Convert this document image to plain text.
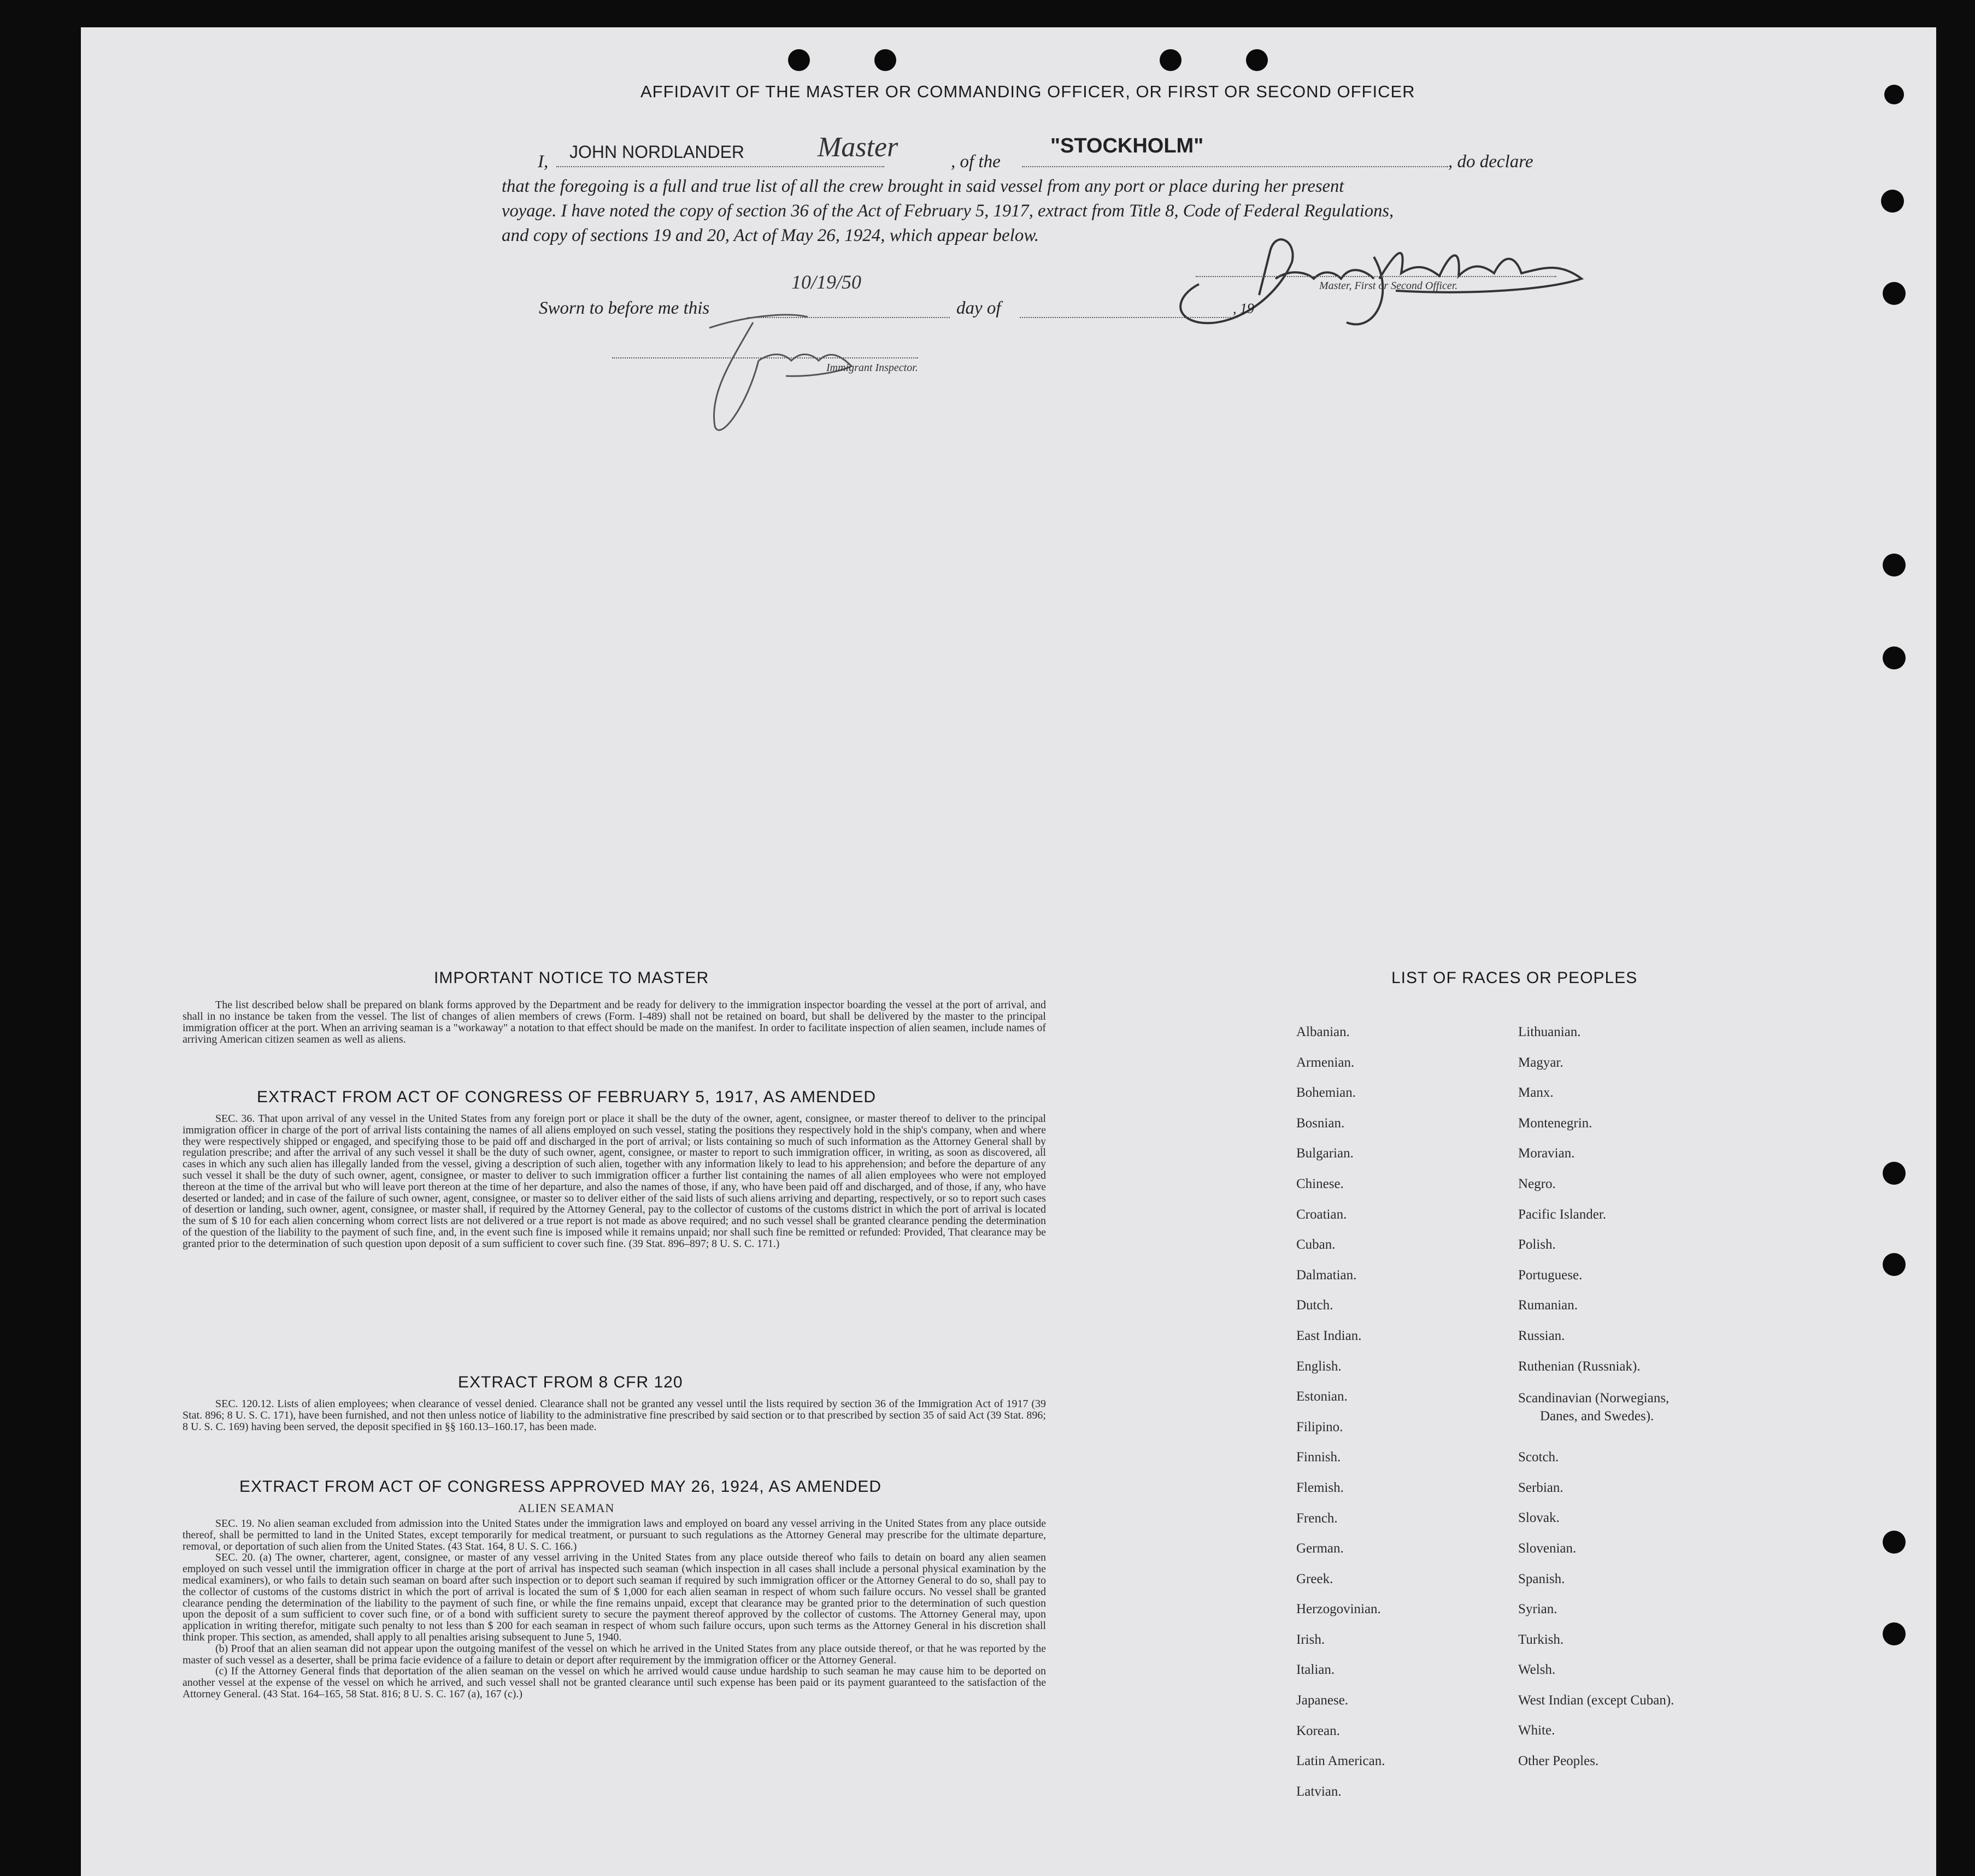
AFFIDAVIT OF THE MASTER OR COMMANDING OFFICER, OR FIRST OR SECOND OFFICER
I, JOHN NORDLANDER	Master	, of the
"STOCKHOLM"
, do declare
that the foregoing is a full and true list of all the crew brought in said vessel from any port or place during her present
voyage. I have noted the copy of section 36 of the Act of February 5, 1917, extract from Title 8, Code of Federal Regulations,
and copy of sections 19 and 20, Act of May 26, 1924, which appear below.
Master, First or Second Officer.
Sworn to before me this
10/19/50
day of	, 19
Immigrant Inspector.
IMPORTANT NOTICE TO MASTER
The list described below shall be prepared on blank forms approved by the Department and be ready for delivery to the immigration inspector boarding the vessel at the port of arrival, and shall in no instance be taken from the vessel. The list of changes of alien members of crews (Form. I-489) shall not be retained on board, but shall be delivered by the master to the principal immigration officer at the port. When an arriving seaman is a "workaway" a notation to that effect should be made on the manifest. In order to facilitate inspection of alien seamen, include names of arriving American citizen seamen as well as aliens.
EXTRACT FROM ACT OF CONGRESS OF FEBRUARY 5, 1917, AS AMENDED
SEC. 36. That upon arrival of any vessel in the United States from any foreign port or place it shall be the duty of the owner, agent, consignee, or master thereof to deliver to the principal immigration officer in charge of the port of arrival lists containing the names of all aliens employed on such vessel, stating the positions they respectively hold in the ship's company, when and where they were respectively shipped or engaged, and specifying those to be paid off and discharged in the port of arrival; or lists containing so much of such information as the Attorney General shall by regulation prescribe; and after the arrival of any such vessel it shall be the duty of such owner, agent, consignee, or master to report to such immigration officer, in writing, as soon as discovered, all cases in which any such alien has illegally landed from the vessel, giving a description of such alien, together with any information likely to lead to his apprehension; and before the departure of any such vessel it shall be the duty of such owner, agent, consignee, or master to deliver to such immigration officer a further list containing the names of all alien employees who were not employed thereon at the time of the arrival but who will leave port thereon at the time of her departure, and also the names of those, if any, who have been paid off and discharged, and of those, if any, who have deserted or landed; and in case of the failure of such owner, agent, consignee, or master so to deliver either of the said lists of such aliens arriving and departing, respectively, or so to report such cases of desertion or landing, such owner, agent, consignee, or master shall, if required by the Attorney General, pay to the collector of customs of the customs district in which the port of arrival is located the sum of $ 10 for each alien concerning whom correct lists are not delivered or a true report is not made as above required; and no such vessel shall be granted clearance pending the determination of the question of the liability to the payment of such fine, and, in the event such fine is imposed while it remains unpaid; nor shall such fine be remitted or refunded: Provided, That clearance may be granted prior to the determination of such question upon deposit of a sum sufficient to cover such fine. (39 Stat. 896–897; 8 U. S. C. 171.)
EXTRACT FROM 8 CFR 120
SEC. 120.12. Lists of alien employees; when clearance of vessel denied. Clearance shall not be granted any vessel until the lists required by section 36 of the Immigration Act of 1917 (39 Stat. 896; 8 U. S. C. 171), have been furnished, and not then unless notice of liability to the administrative fine prescribed by said section or to that prescribed by section 35 of said Act (39 Stat. 896; 8 U. S. C. 169) having been served, the deposit specified in §§ 160.13–160.17, has been made.
EXTRACT FROM ACT OF CONGRESS APPROVED MAY 26, 1924, AS AMENDED
ALIEN SEAMAN

SEC. 19. No alien seaman excluded from admission into the United States under the immigration laws and employed on board any vessel arriving in the United States from any place outside thereof, shall be permitted to land in the United States, except temporarily for medical treatment, or pursuant to such regulations as the Attorney General may prescribe for the ultimate departure, removal, or deportation of such alien from the United States. (43 Stat. 164, 8 U. S. C. 166.)

SEC. 20. (a) The owner, charterer, agent, consignee, or master of any vessel arriving in the United States from any place outside thereof who fails to detain on board any alien seamen employed on such vessel until the immigration officer in charge at the port of arrival has inspected such seaman (which inspection in all cases shall include a personal physical examination by the medical examiners), or who fails to detain such seaman on board after such inspection or to deport such seaman if required by such immigration officer or the Attorney General to do so, shall pay to the collector of customs of the customs district in which the port of arrival is located the sum of $ 1,000 for each alien seaman in respect of whom such failure occurs. No vessel shall be granted clearance pending the determination of the liability to the payment of such fine, or while the fine remains unpaid, except that clearance may be granted prior to the determination of such question upon the deposit of a sum sufficient to cover such fine, or of a bond with sufficient surety to secure the payment thereof approved by the collector of customs. The Attorney General may, upon application in writing therefor, mitigate such penalty to not less than $ 200 for each seaman in respect of whom such failure occurs, upon such terms as the Attorney General in his discretion shall think proper. This section, as amended, shall apply to all penalties arising subsequent to June 5, 1940.

(b) Proof that an alien seaman did not appear upon the outgoing manifest of the vessel on which he arrived in the United States from any place outside thereof, or that he was reported by the master of such vessel as a deserter, shall be prima facie evidence of a failure to detain or deport after requirement by the immigration officer or the Attorney General.

(c) If the Attorney General finds that deportation of the alien seaman on the vessel on which he arrived would cause undue hardship to such seaman he may cause him to be deported on another vessel at the expense of the vessel on which he arrived, and such vessel shall not be granted clearance until such expense has been paid or its payment guaranteed to the satisfaction of the Attorney General. (43 Stat. 164–165, 58 Stat. 816; 8 U. S. C. 167 (a), 167 (c).)

LIST OF RACES OR PEOPLES
Albanian.
Armenian.
Bohemian.
Bosnian.
Bulgarian.
Chinese.
Croatian.
Cuban.
Dalmatian.
Dutch.
East Indian.
English.
Estonian.
Filipino.
Finnish.
Flemish.
French.
German.
Greek.
Herzogovinian.
Irish.
Italian.
Japanese.
Korean.
Latin American.
Latvian.
Lithuanian.
Magyar.
Manx.
Montenegrin.
Moravian.
Negro.
Pacific Islander.
Polish.
Portuguese.
Rumanian.
Russian.
Ruthenian (Russniak).
Scandinavian (Norwegians,
Danes, and Swedes).
Scotch.
Serbian.
Slovak.
Slovenian.
Spanish.
Syrian.
Turkish.
Welsh.
West Indian (except Cuban).
White.
Other Peoples.
